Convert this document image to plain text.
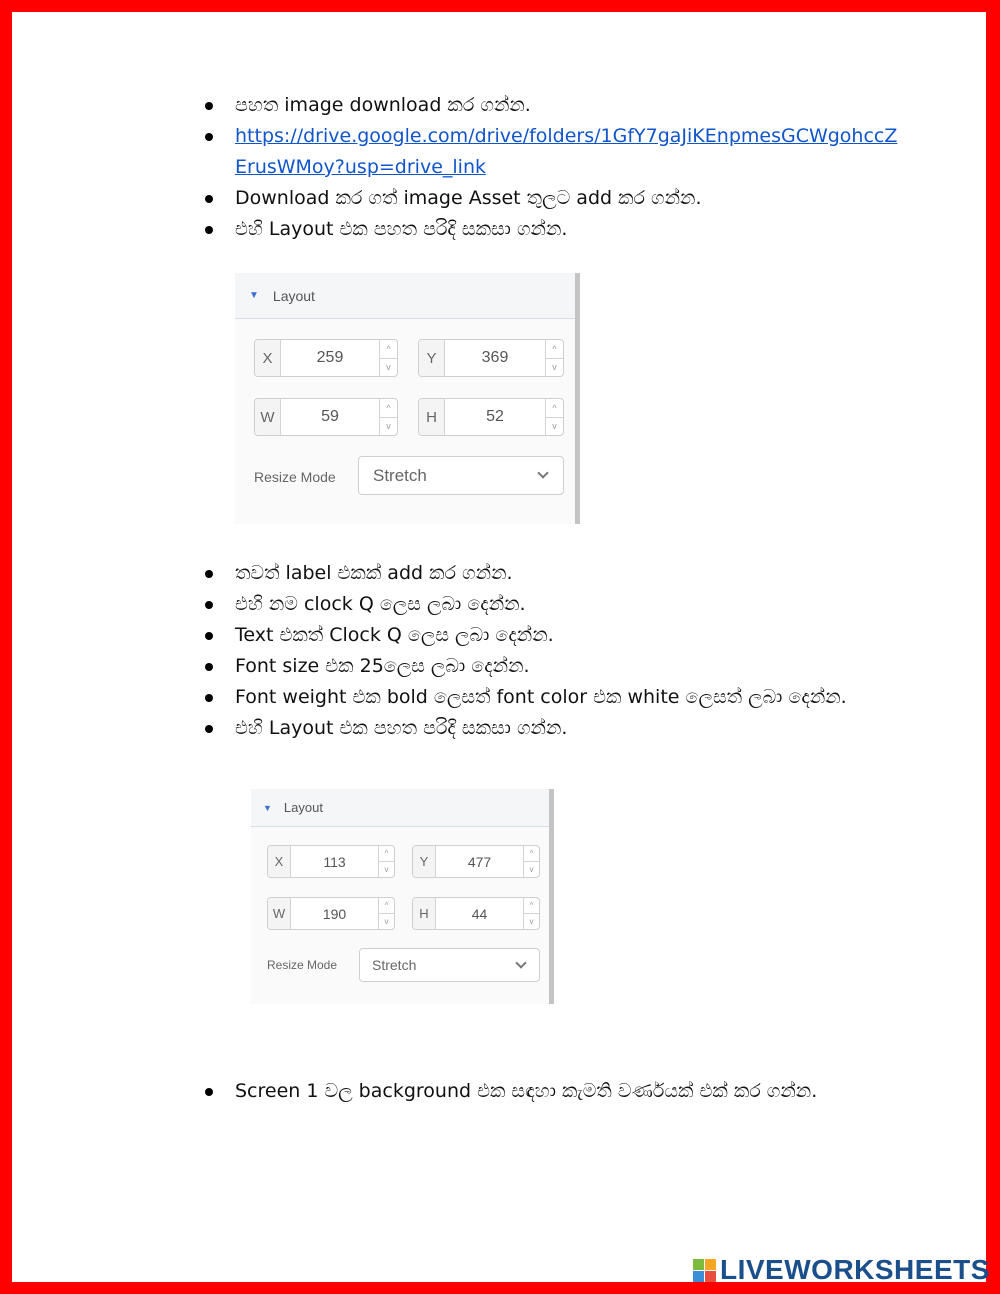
පහත image download කර ගන්න.
https://drive.google.com/drive/folders/1GfY7gaJiKEnpmesGCWgohccZErusWMoy?usp=drive_link
Download කර ගත් image Asset තුලට add කර ගන්න.
එහි Layout එක පහත පරිදි සකසා ගන්න.
▼ Layout
X	259
^
v
Y	369
^
v
W	59
^
v
H	52
^
v
Resize Mode Stretch
තවත් label එකක් add කර ගන්න.
එහි නම clock Q ලෙස ලබා දෙන්න.
Text එකත් Clock Q ලෙස ලබා දෙන්න.
Font size එක 25ලෙස ලබා දෙන්න.
Font weight එක bold ලෙසත් font color එක white ලෙසත් ලබා දෙන්න.
එහි Layout එක පහත පරිදි සකසා ගන්න.
▼ Layout
X	113	^
v
Y	477	^
v
W	190	^
v
H	44	^
v
Resize Mode Stretch
Screen 1 වල background එක සඳහා කැමති වර්ණයක් එක් කර ගන්න.
LIVEWORKSHEETS
